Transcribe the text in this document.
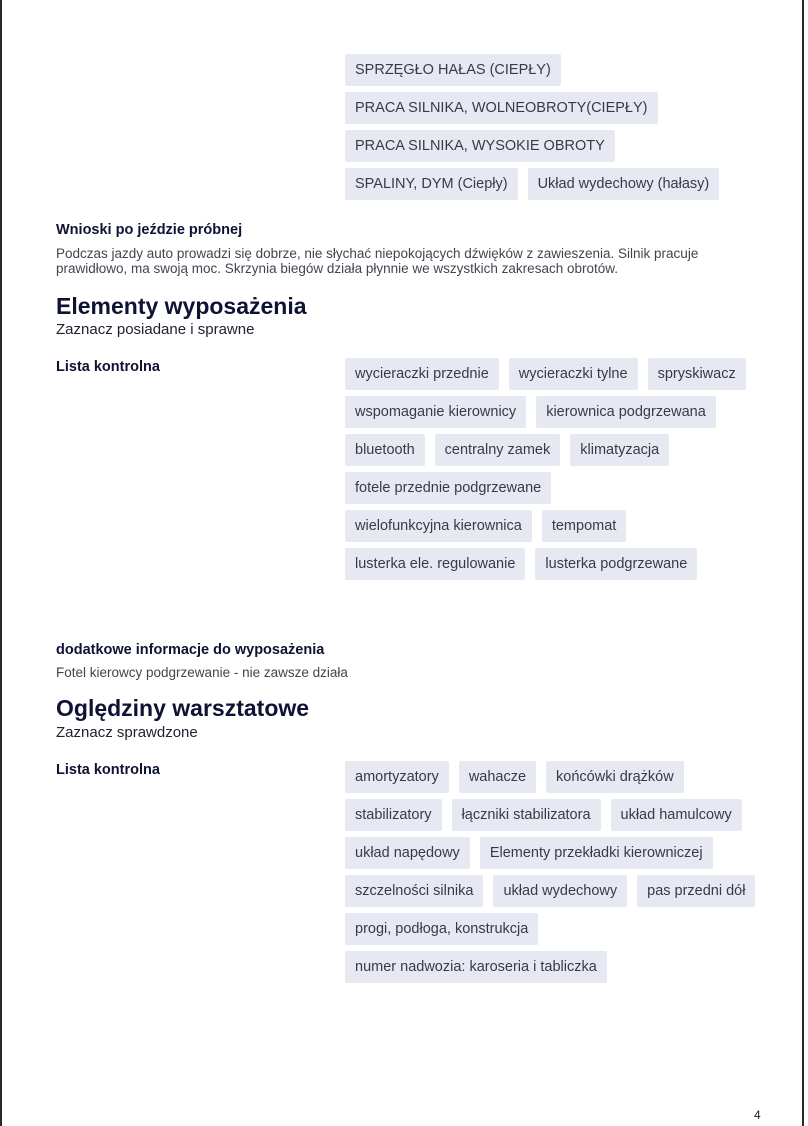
SPRZĘGŁO HAŁAS (CIEPŁY)
PRACA SILNIKA, WOLNEOBROTY(CIEPŁY)
PRACA SILNIKA, WYSOKIE OBROTY
SPALINY, DYM (Ciepły)	Układ wydechowy (hałasy)
Wnioski po jeździe próbnej
Podczas jazdy auto prowadzi się dobrze, nie słychać niepokojących dźwięków z zawieszenia. Silnik pracuje prawidłowo, ma swoją moc. Skrzynia biegów działa płynnie we wszystkich zakresach obrotów.
Elementy wyposażenia
Zaznacz posiadane i sprawne
Lista kontrolna	wycieraczki przednie	wycieraczki tylne	spryskiwacz
wspomaganie kierownicy	kierownica podgrzewana
bluetooth	centralny zamek	klimatyzacja
fotele przednie podgrzewane
wielofunkcyjna kierownica	tempomat
lusterka ele. regulowanie	lusterka podgrzewane
dodatkowe informacje do wyposażenia
Fotel kierowcy podgrzewanie - nie zawsze działa
Oględziny warsztatowe
Zaznacz sprawdzone
Lista kontrolna	amortyzatory	wahacze	końcówki drążków
stabilizatory	łączniki stabilizatora	układ hamulcowy
układ napędowy	Elementy przekładki kierowniczej
szczelności silnika	układ wydechowy	pas przedni dół
progi, podłoga, konstrukcja
numer nadwozia: karoseria i tabliczka
4
